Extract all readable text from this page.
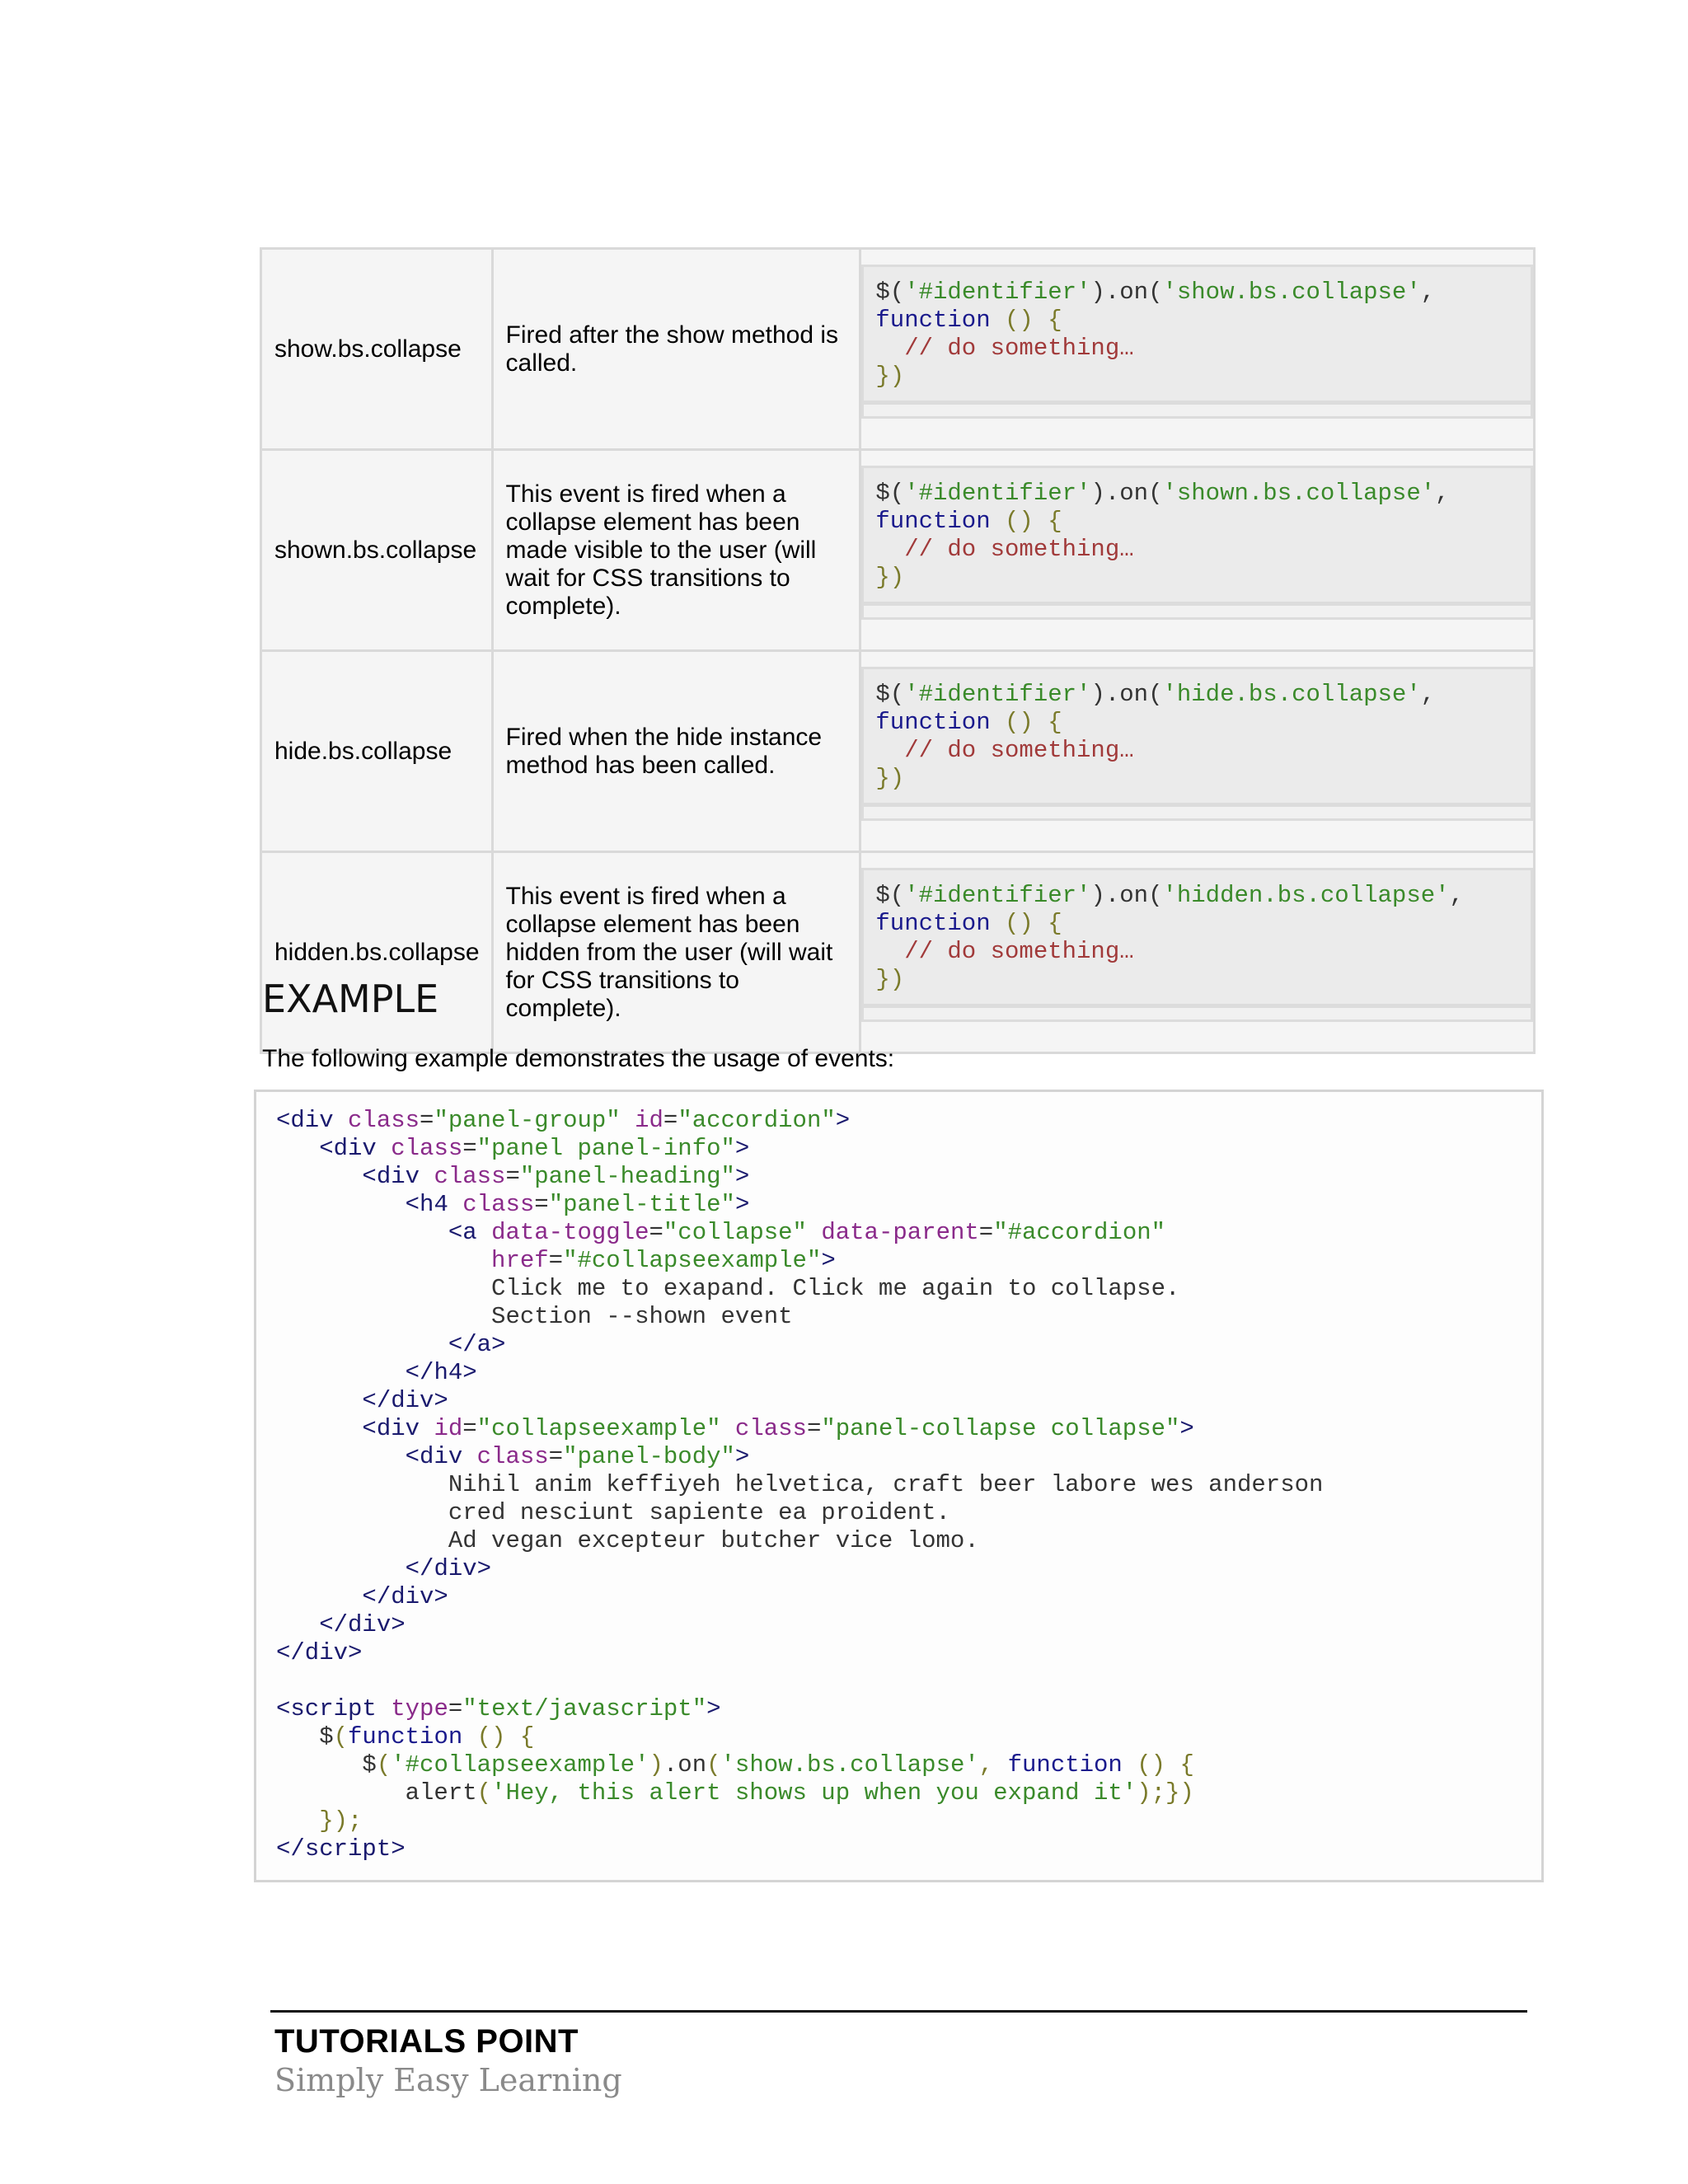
show.bs.collapse	Fired after the show method is called.	$('#identifier').on('show.bs.collapse',
function () {
// do something…
})

shown.bs.collapse	This event is fired when a collapse element has been made visible to the user (will wait for CSS transitions to complete).	$('#identifier').on('shown.bs.collapse',
function () {
// do something…
})

hide.bs.collapse	Fired when the hide instance method has been called.	$('#identifier').on('hide.bs.collapse',
function () {
// do something…
})

hidden.bs.collapse	This event is fired when a collapse element has been hidden from the user (will wait for CSS transitions to complete).	$('#identifier').on('hidden.bs.collapse',
function () {
// do something…
})
EXAMPLE

The following example demonstrates the usage of events:

<div class="panel-group" id="accordion">
<div class="panel panel-info">
<div class="panel-heading">
<h4 class="panel-title">
<a data-toggle="collapse" data-parent="#accordion"
href="#collapseexample">
Click me to exapand. Click me again to collapse.
Section --shown event
</a>
</h4>
</div>
<div id="collapseexample" class="panel-collapse collapse">
<div class="panel-body">
Nihil anim keffiyeh helvetica, craft beer labore wes anderson
cred nesciunt sapiente ea proident.
Ad vegan excepteur butcher vice lomo.
</div>
</div>
</div>
</div>

<script type="text/javascript">
$(function () {
$('#collapseexample').on('show.bs.collapse', function () {
alert('Hey, this alert shows up when you expand it');})
});
</script>

TUTORIALS POINT

Simply Easy Learning
